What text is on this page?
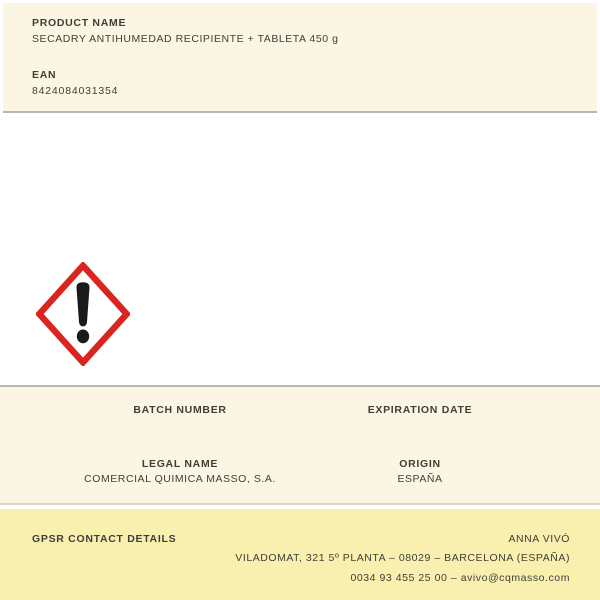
PRODUCT NAME
SECADRY ANTIHUMEDAD RECIPIENTE + TABLETA 450 g
EAN
8424084031354
BATCH NUMBER	EXPIRATION DATE
LEGAL NAME
COMERCIAL QUIMICA MASSO, S.A.
ORIGIN
ESPAÑA
GPSR CONTACT DETAILS	ANNA VIVÓ
VILADOMAT, 321 5º PLANTA – 08029 – BARCELONA (ESPAÑA)
0034 93 455 25 00 – avivo@cqmasso.com
